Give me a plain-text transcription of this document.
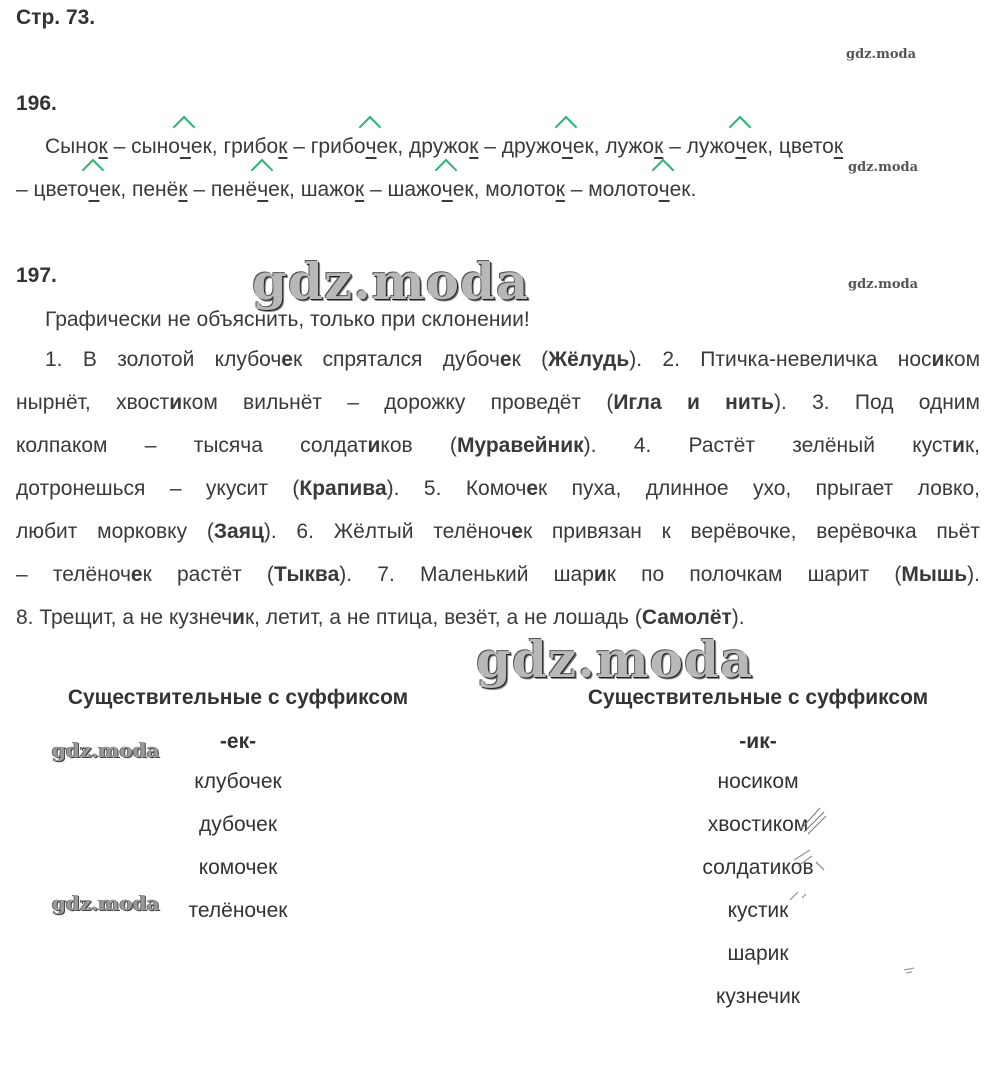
Стр. 73.
gdz.moda
gdz.moda
gdz.moda
196.
Сынок – сыночек, грибок – грибочек, дружок – дружочек, лужок – лужочек, цветок
– цветочек, пенёк – пенёчек, шажок – шажочек, молоток – молоточек.
197.	gdz.moda
Графически не объяснить, только при склонении!
1. В золотой клубочек спрятался дубочек (Жёлудь). 2. Птичка-невеличка носиком
нырнёт, хвостиком вильнёт – дорожку проведёт (Игла и нить). 3. Под одним
колпаком – тысяча солдатиков (Муравейник). 4. Растёт зелёный кустик,
дотронешься – укусит (Крапива). 5. Комочек пуха, длинное ухо, прыгает ловко,
любит морковку (Заяц). 6. Жёлтый телёночек привязан к верёвочке, верёвочка пьёт
– телёночек растёт (Тыква). 7. Маленький шарик по полочкам шарит (Мышь).
8. Трещит, а не кузнечик, летит, а не птица, везёт, а не лошадь (Самолёт).
gdz.moda
Существительные с суффиксом
-ек-
клубочек
дубочек
комочек
телёночек
Существительные с суффиксом
-ик-
носиком
хвостиком
солдатиков
кустик
шарик
кузнечик
gdz.moda
gdz.moda
